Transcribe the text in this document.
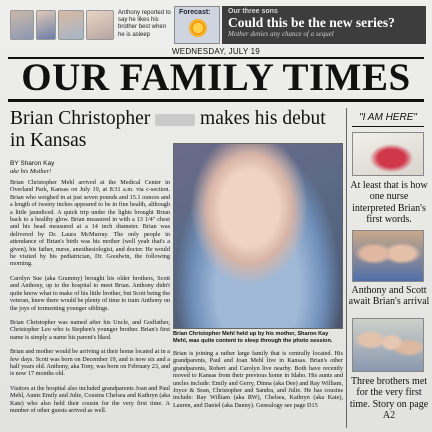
Anthony reported to say he likes his brother best when he is asleep
Forecast: Our three sons
Could this be the new series?
Mother denies any chance of a sequel
WEDNESDAY, JULY 19
OUR FAMILY TIMES
Brian Christopher	makes his debut in Kansas
BY Sharon Kay
ake his Mother!

Brian Christopher Mehl arrived at the Medical Center in Overland Park, Kansas on July 19, at 8:31 a.m. via c-section. Brian who weighed in at just seven pounds and 15.1 ounces and a length of twenty inches appeared to be in fine health, although a little jaundiced. A quick trip under the lights brought Brian back to a healthy glow. Brian measured in with a 13 1/4" chest and his head measured at a 14 inch diameter. Brian was delivered by Dr. Laura McMurray. The only people in attendance of Brian's birth was his mother (well yeah that's a given), his father, nurse, anesthesiologist, and doctor. He would be visited by his pediatrician, Dr. Goodwin, the following morning.

Carolyn Sue (aka Grammy) brought his older brothers, Scott and Anthony, up to the hospital to meet Brian. Anthony didn't quite know what to make of his little brother, but Scott being the veteran, knew there would be plenty of time to train Anthony on the joys of tormenting younger siblings.

Brian Christopher was named after his Uncle, and Godfather, Christopher Leo who is Stephen's younger brother. Brian's first name is simply a name his parent's liked.

Brian and mother would be arriving at their home located at in a few days. Scott was born on December 19, and is now six and a half years old. Anthony, aka Tony, was born on February 23, and is now 17 months old.

Visitors at the hospital also included grandparents Joan and Paul Mehl, Aunts Emily and Julie, Cousins Chelsea and Kathryn (aka Kate) who also held their cousin for the very first time. A number of other guests arrived as well.

Brian Christopher Mehl held up by his mother, Sharon Kay Mehl, was quite content to sleep through the photo session.
Brian is joining a rather large family that is centrally located. His grandparents, Paul and Joan Mehl live in Kansas. Brian's other grandparents, Robert and Carolyn live nearby. Both have recently moved to Kansas from their previous home in Idaho. His aunts and uncles include: Emily and Gerry, Dinna (aka Dee) and Ray William, Joyce & Sean, Christopher and Sandra, and Julie. He has cousins include: Ray William (aka RW), Chelsea, Kathryn (aka Kate), Lauren, and Daniel (aka Danny). Genealogy see page D15
"I AM HERE"
At least that is how one nurse interpreted Brian's first words.
Anthony and Scott await Brian's arrival
Three brothers met for the very first time. Story on page A2
